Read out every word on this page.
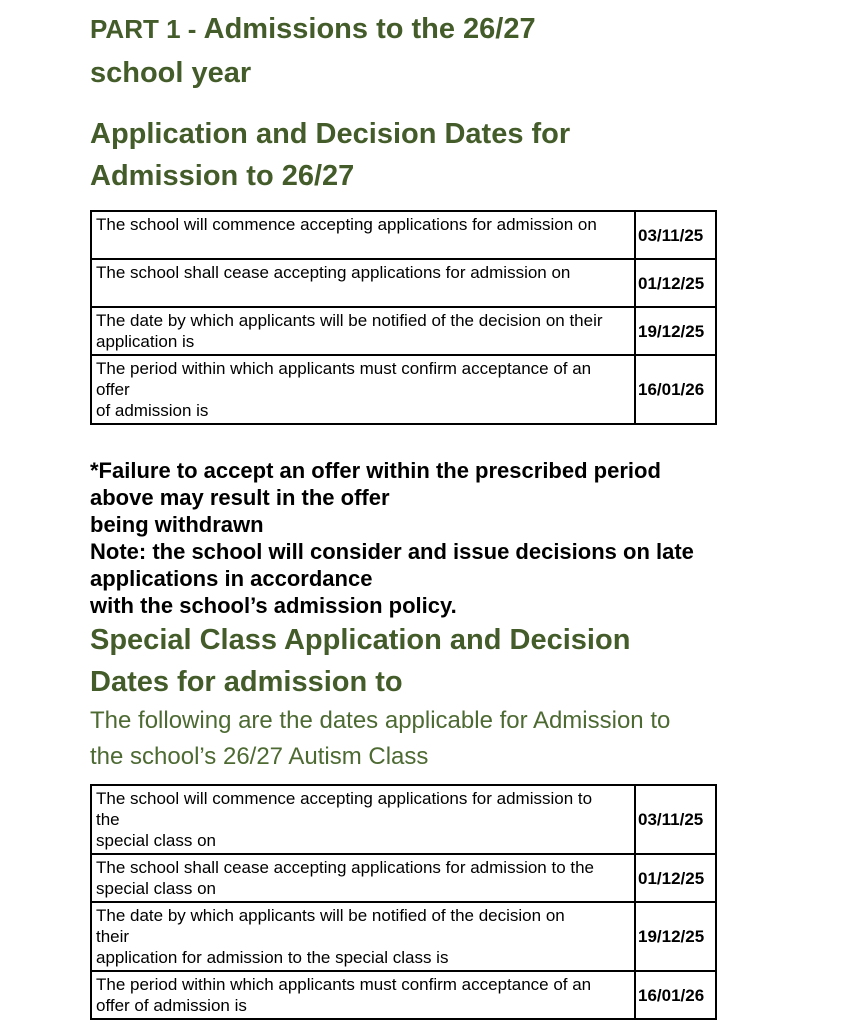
PART 1 - Admissions to the 26/27
school year
Application and Decision Dates for
Admission to 26/27
The school will commence accepting applications for admission on	03/11/25
The school shall cease accepting applications for admission on	01/12/25
The date by which applicants will be notified of the decision on their
application is	19/12/25
The period within which applicants must confirm acceptance of an
offer
of admission is	16/01/26

*Failure to accept an offer within the prescribed period
above may result in the offer
being withdrawn
Note: the school will consider and issue decisions on late
applications in accordance
with the school’s admission policy.

Special Class Application and Decision
Dates for admission to

The following are the dates applicable for Admission to
the school’s 26/27 Autism Class

The school will commence accepting applications for admission to
the
special class on	03/11/25
The school shall cease accepting applications for admission to the
special class on	01/12/25
The date by which applicants will be notified of the decision on
their
application for admission to the special class is	19/12/25
The period within which applicants must confirm acceptance of an
offer of admission is	16/01/26
